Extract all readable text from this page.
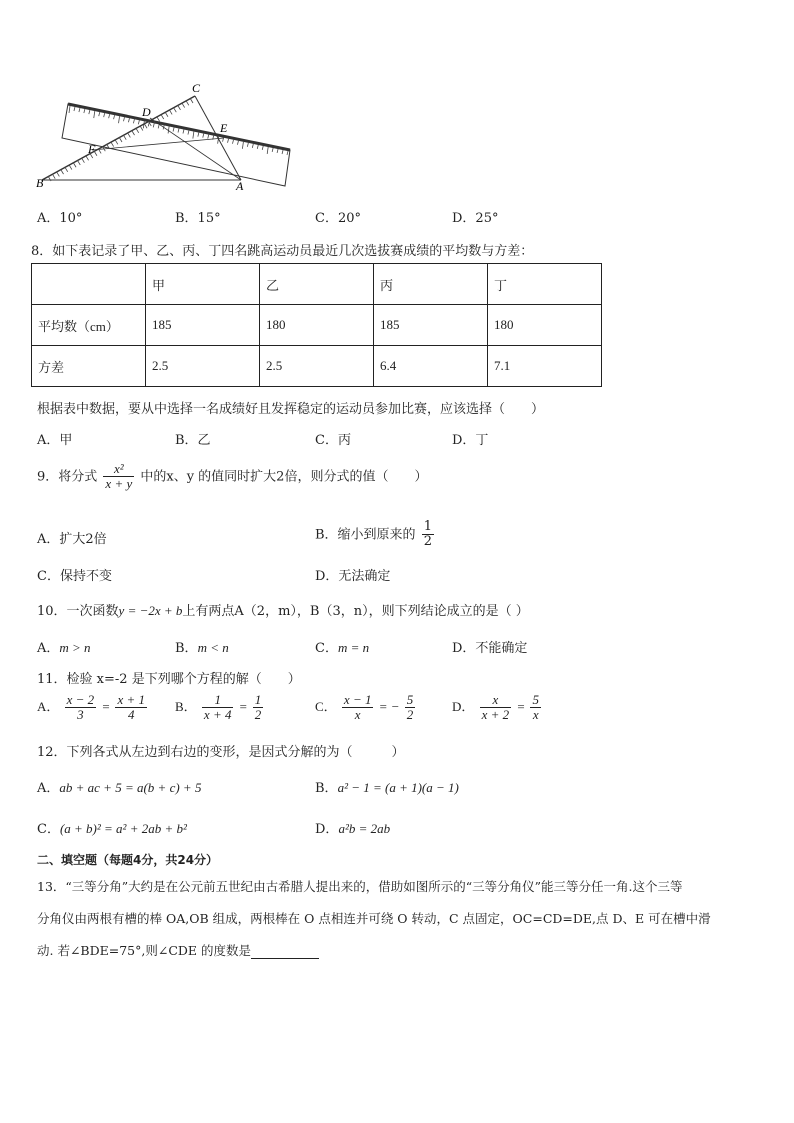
C
D
E
F
B	A
A．10°	B．15°	C．20°	D．25°
8．如下表记录了甲、乙、丙、丁四名跳高运动员最近几次选拔赛成绩的平均数与方差：
	甲	乙	丙	丁
平均数（cm）	185	180	185	180
方差	2.5	2.5	6.4	7.1
根据表中数据，要从中选择一名成绩好且发挥稳定的运动员参加比赛，应该选择（　　）
A．甲	B．乙	C．丙	D．丁
9．将分式 $\frac{\text{x²}}{x + y}$ 中的x、y 的值同时扩大2倍，则分式的值（　　）
A．扩大2倍	B．缩小到原来的 $\frac{1}{2}$
C．保持不变	D．无法确定
10．一次函数y = −2x + b上有两点A（2，m），B（3，n），则下列结论成立的是（ ）
A．m > n	B．m < n	C．m = n	D．不能确定
11．检验 x=-2 是下列哪个方程的解（　　）
A． $\frac{x - 2}{3} = \frac{x + 1}{4}$ B． $\frac{1}{x + 4} = \frac{1}{2}$	C． $\frac{x - 1}{x}$ = − $\frac{5}{2}$	D． $\frac{x}{x + 2} = \frac{5}{x}$
12．下列各式从左边到右边的变形，是因式分解的为（　　　）
A．ab + ac + 5 = a(b + c) + 5	B．a² − 1 = (a + 1)(a − 1)
C．(a + b)² = a² + 2ab + b²	D．a²b = 2ab
二、填空题（每题4分，共24分）
13．“三等分角”大约是在公元前五世纪由古希腊人提出来的，借助如图所示的“三等分角仪”能三等分任一角.这个三等
分角仪由两根有槽的棒 OA,OB 组成，两根棒在 O 点相连并可绕 O 转动，C 点固定，OC=CD=DE,点 D、E 可在槽中滑
动. 若∠BDE=75°,则∠CDE 的度数是
